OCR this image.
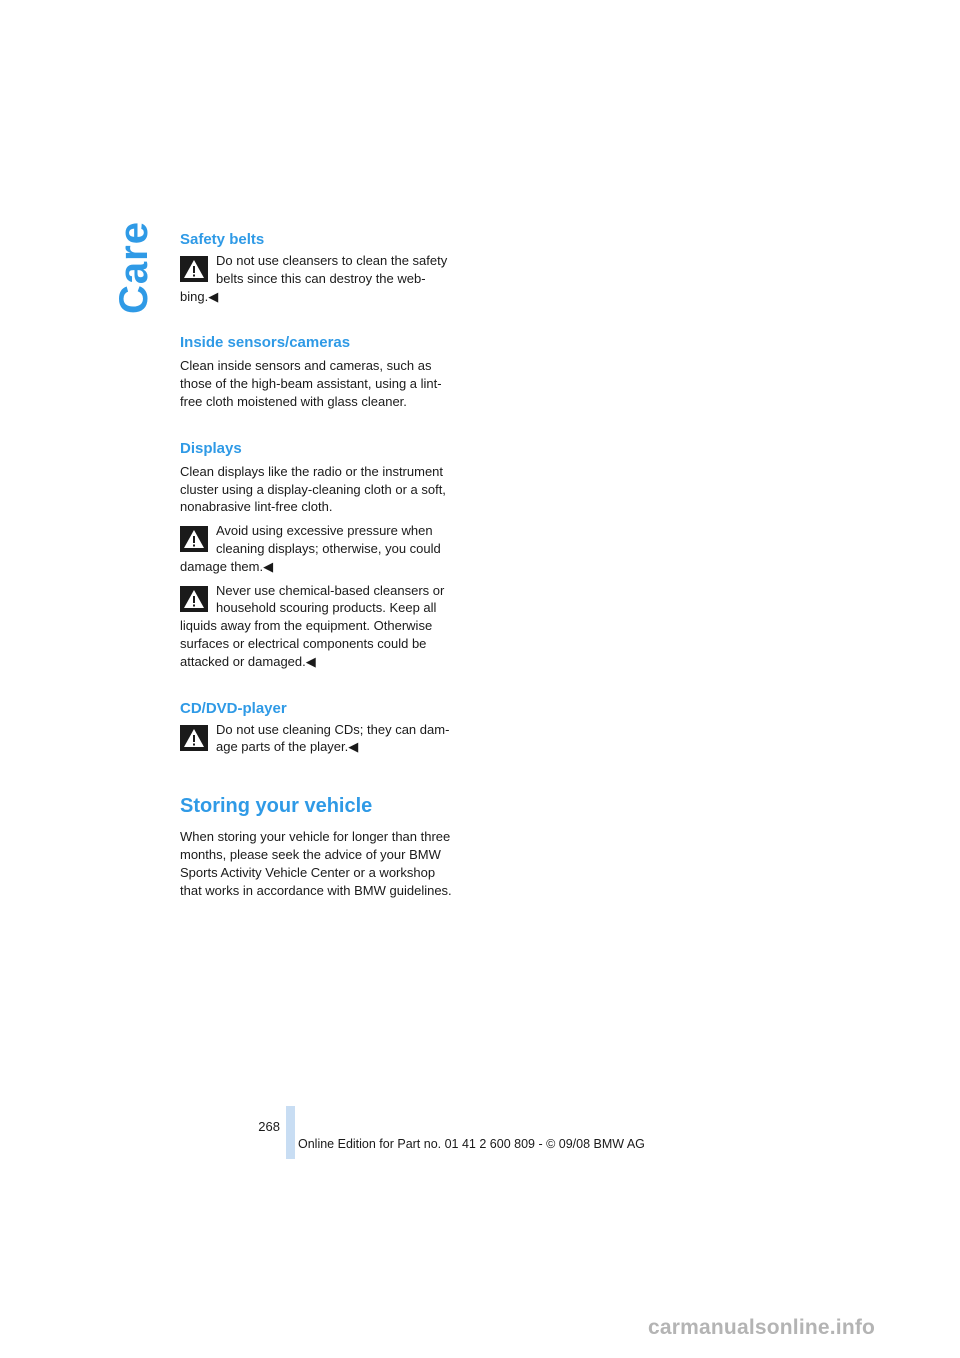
Care Safety belts

Do not use cleansers to clean the safety

belts since this can destroy the web-

bing.◀

Inside sensors/cameras

Clean inside sensors and cameras, such as

those of the high-beam assistant, using a lint-

free cloth moistened with glass cleaner.

Displays

Clean displays like the radio or the instrument

cluster using a display-cleaning cloth or a soft,

nonabrasive lint-free cloth.

Avoid using excessive pressure when

cleaning displays; otherwise, you could

damage them.◀

Never use chemical-based cleansers or

household scouring products. Keep all

liquids away from the equipment. Otherwise

surfaces or electrical components could be

attacked or damaged.◀

CD/DVD-player

Do not use cleaning CDs; they can dam-

age parts of the player.◀

Storing your vehicle

When storing your vehicle for longer than three

months, please seek the advice of your BMW

Sports Activity Vehicle Center or a workshop

that works in accordance with BMW guidelines.

268
Online Edition for Part no. 01 41 2 600 809 - © 09/08 BMW AG
carmanualsonline.info
